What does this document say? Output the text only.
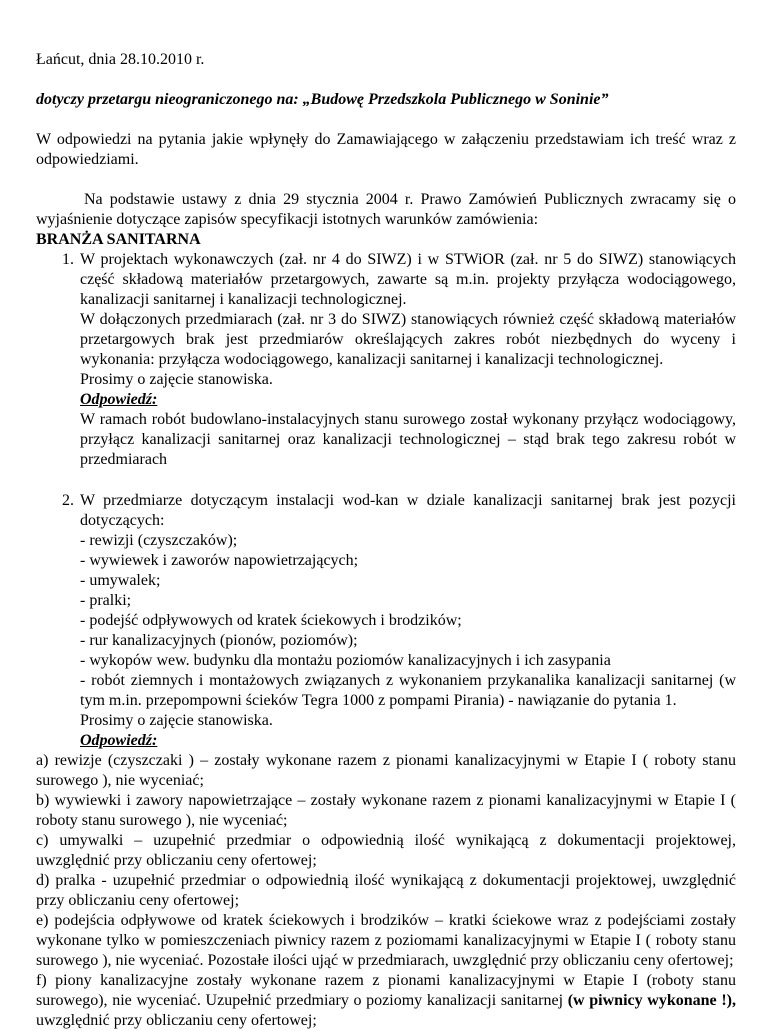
Łańcut, dnia 28.10.2010 r.

dotyczy przetargu nieograniczonego na: „Budowę Przedszkola Publicznego w Soninie”

W odpowiedzi na pytania jakie wpłynęły do Zamawiającego w załączeniu przedstawiam ich treść wraz z odpowiedziami.

Na podstawie ustawy z dnia 29 stycznia 2004 r. Prawo Zamówień Publicznych zwracamy się o wyjaśnienie dotyczące zapisów specyfikacji istotnych warunków zamówienia:

BRANŻA SANITARNA

1. W projektach wykonawczych (zał. nr 4 do SIWZ) i w STWiOR (zał. nr 5 do SIWZ) stanowiących część składową materiałów przetargowych, zawarte są m.in. projekty przyłącza wodociągowego, kanalizacji sanitarnej i kanalizacji technologicznej.

W dołączonych przedmiarach (zał. nr 3 do SIWZ) stanowiących również część składową materiałów przetargowych brak jest przedmiarów określających zakres robót niezbędnych do wyceny i wykonania: przyłącza wodociągowego, kanalizacji sanitarnej i kanalizacji technologicznej.

Prosimy o zajęcie stanowiska.

Odpowiedź:

W ramach robót budowlano-instalacyjnych stanu surowego został wykonany przyłącz wodociągowy, przyłącz kanalizacji sanitarnej oraz kanalizacji technologicznej – stąd brak tego zakresu robót w przedmiarach

2. W przedmiarze dotyczącym instalacji wod-kan w dziale kanalizacji sanitarnej brak jest pozycji dotyczących:

- rewizji (czyszczaków);

- wywiewek i zaworów napowietrzających;

- umywalek;

- pralki;

- podejść odpływowych od kratek ściekowych i brodzików;

- rur kanalizacyjnych (pionów, poziomów);

- wykopów wew. budynku dla montażu poziomów kanalizacyjnych i ich zasypania

- robót ziemnych i montażowych związanych z wykonaniem przykanalika kanalizacji sanitarnej (w tym m.in. przepompowni ścieków Tegra 1000 z pompami Pirania) - nawiązanie do pytania 1.

Prosimy o zajęcie stanowiska.

Odpowiedź:

a) rewizje (czyszczaki ) – zostały wykonane razem z pionami kanalizacyjnymi w Etapie I ( roboty stanu surowego ), nie wyceniać;

b) wywiewki i zawory napowietrzające – zostały wykonane razem z pionami kanalizacyjnymi w Etapie I ( roboty stanu surowego ), nie wyceniać;

c) umywalki – uzupełnić przedmiar o odpowiednią ilość wynikającą z dokumentacji projektowej, uwzględnić przy obliczaniu ceny ofertowej;

d) pralka - uzupełnić przedmiar o odpowiednią ilość wynikającą z dokumentacji projektowej, uwzględnić przy obliczaniu ceny ofertowej;

e) podejścia odpływowe od kratek ściekowych i brodzików – kratki ściekowe wraz z podejściami zostały wykonane tylko w pomieszczeniach piwnicy razem z poziomami kanalizacyjnymi w Etapie I ( roboty stanu surowego ), nie wyceniać. Pozostałe ilości ująć w przedmiarach, uwzględnić przy obliczaniu ceny ofertowej;

f) piony kanalizacyjne zostały wykonane razem z pionami kanalizacyjnymi w Etapie I (roboty stanu surowego), nie wyceniać. Uzupełnić przedmiary o poziomy kanalizacji sanitarnej (w piwnicy wykonane !), uwzględnić przy obliczaniu ceny ofertowej;
